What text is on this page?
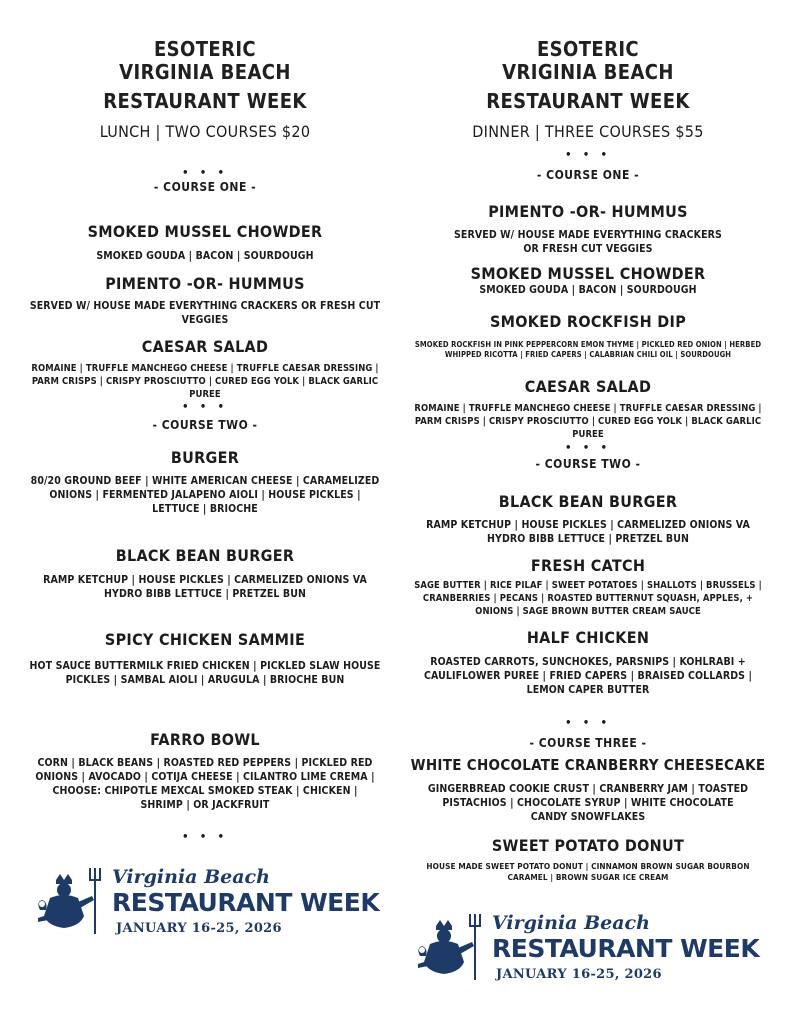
ESOTERIC
VIRGINIA BEACH
RESTAURANT WEEK
LUNCH | TWO COURSES $20
• • •
- COURSE ONE -
SMOKED MUSSEL CHOWDER
SMOKED GOUDA | BACON | SOURDOUGH
PIMENTO -OR- HUMMUS
SERVED W/ HOUSE MADE EVERYTHING CRACKERS OR FRESH CUT VEGGIES
CAESAR SALAD
ROMAINE | TRUFFLE MANCHEGO CHEESE | TRUFFLE CAESAR DRESSING | PARM CRISPS | CRISPY PROSCIUTTO | CURED EGG YOLK | BLACK GARLIC PUREE
• • •
- COURSE TWO -
BURGER
80/20 GROUND BEEF | WHITE AMERICAN CHEESE | CARAMELIZED ONIONS | FERMENTED JALAPENO AIOLI | HOUSE PICKLES | LETTUCE | BRIOCHE
BLACK BEAN BURGER
RAMP KETCHUP | HOUSE PICKLES | CARMELIZED ONIONS VA HYDRO BIBB LETTUCE | PRETZEL BUN
SPICY CHICKEN SAMMIE
HOT SAUCE BUTTERMILK FRIED CHICKEN | PICKLED SLAW HOUSE PICKLES | SAMBAL AIOLI | ARUGULA | BRIOCHE BUN
FARRO BOWL
CORN | BLACK BEANS | ROASTED RED PEPPERS | PICKLED RED ONIONS | AVOCADO | COTIJA CHEESE | CILANTRO LIME CREMA | CHOOSE: CHIPOTLE MEXCAL SMOKED STEAK | CHICKEN | SHRIMP | OR JACKFRUIT
• • •
Virginia Beach
RESTAURANT WEEK
JANUARY 16-25, 2026
ESOTERIC
VRIGINIA BEACH
RESTAURANT WEEK
DINNER | THREE COURSES $55
• • •
- COURSE ONE -
PIMENTO -OR- HUMMUS
SERVED W/ HOUSE MADE EVERYTHING CRACKERS OR FRESH CUT VEGGIES
SMOKED MUSSEL CHOWDER
SMOKED GOUDA | BACON | SOURDOUGH
SMOKED ROCKFISH DIP
SMOKED ROCKFISH IN PINK PEPPERCORN EMON THYME | PICKLED RED ONION | HERBED WHIPPED RICOTTA | FRIED CAPERS | CALABRIAN CHILI OIL | SOURDOUGH
CAESAR SALAD
ROMAINE | TRUFFLE MANCHEGO CHEESE | TRUFFLE CAESAR DRESSING | PARM CRISPS | CRISPY PROSCIUTTO | CURED EGG YOLK | BLACK GARLIC PUREE
• • •
- COURSE TWO -
BLACK BEAN BURGER
RAMP KETCHUP | HOUSE PICKLES | CARMELIZED ONIONS VA HYDRO BIBB LETTUCE | PRETZEL BUN
FRESH CATCH
SAGE BUTTER | RICE PILAF | SWEET POTATOES | SHALLOTS | BRUSSELS | CRANBERRIES | PECANS | ROASTED BUTTERNUT SQUASH, APPLES, + ONIONS | SAGE BROWN BUTTER CREAM SAUCE
HALF CHICKEN
ROASTED CARROTS, SUNCHOKES, PARSNIPS | KOHLRABI + CAULIFLOWER PUREE | FRIED CAPERS | BRAISED COLLARDS | LEMON CAPER BUTTER
• • •
- COURSE THREE -
WHITE CHOCOLATE CRANBERRY CHEESECAKE
GINGERBREAD COOKIE CRUST | CRANBERRY JAM | TOASTED PISTACHIOS | CHOCOLATE SYRUP | WHITE CHOCOLATE CANDY SNOWFLAKES
SWEET POTATO DONUT
HOUSE MADE SWEET POTATO DONUT | CINNAMON BROWN SUGAR BOURBON CARAMEL | BROWN SUGAR ICE CREAM
Virginia Beach
RESTAURANT WEEK
JANUARY 16-25, 2026
